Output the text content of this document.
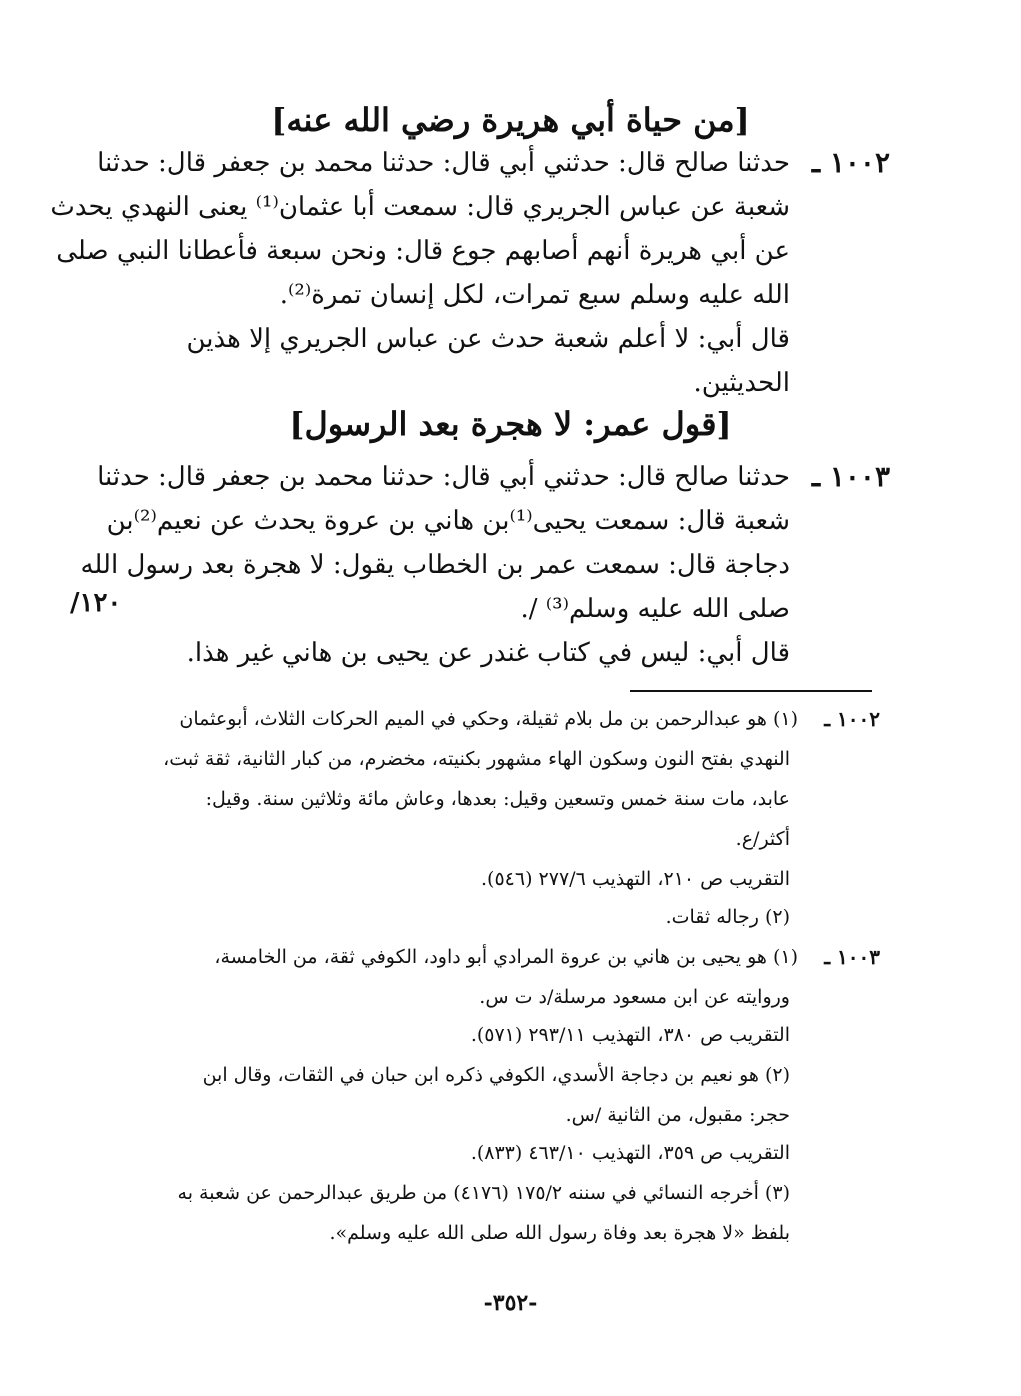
[من حياة أبي هريرة رضي الله عنه]
١٠٠٢ ـ
حدثنا صالح قال: حدثني أبي قال: حدثنا محمد بن جعفر قال: حدثنا
شعبة عن عباس الجريري قال: سمعت أبا عثمان⁽¹⁾ يعنى النهدي يحدث
عن أبي هريرة أنهم أصابهم جوع قال: ونحن سبعة فأعطانا النبي صلى
الله عليه وسلم سبع تمرات، لكل إنسان تمرة⁽²⁾.
قال أبي: لا أعلم شعبة حدث عن عباس الجريري إلا هذين
الحديثين.
[قول عمر: لا هجرة بعد الرسول]
١٠٠٣ ـ
حدثنا صالح قال: حدثني أبي قال: حدثنا محمد بن جعفر قال: حدثنا
شعبة قال: سمعت يحيى⁽¹⁾بن هاني بن عروة يحدث عن نعيم⁽²⁾بن
دجاجة قال: سمعت عمر بن الخطاب يقول: لا هجرة بعد رسول الله
صلى الله عليه وسلم⁽³⁾ /.
قال أبي: ليس في كتاب غندر عن يحيى بن هاني غير هذا.
١٢٠/
١٠٠٢ ـ
(١) هو عبدالرحمن بن مل بلام ثقيلة، وحكي في الميم الحركات الثلاث، أبوعثمان
النهدي بفتح النون وسكون الهاء مشهور بكنيته، مخضرم، من كبار الثانية، ثقة ثبت،
عابد، مات سنة خمس وتسعين وقيل: بعدها، وعاش مائة وثلاثين سنة. وقيل:
أكثر/ع.
التقريب ص ٢١٠، التهذيب ٢٧٧/٦ (٥٤٦).
(٢) رجاله ثقات.
١٠٠٣ ـ
(١) هو يحيى بن هاني بن عروة المرادي أبو داود، الكوفي ثقة، من الخامسة،
وروايته عن ابن مسعود مرسلة/د ت س.
التقريب ص ٣٨٠، التهذيب ٢٩٣/١١ (٥٧١).
(٢) هو نعيم بن دجاجة الأسدي، الكوفي ذكره ابن حبان في الثقات، وقال ابن
حجر: مقبول، من الثانية /س.
التقريب ص ٣٥٩، التهذيب ٤٦٣/١٠ (٨٣٣).
(٣) أخرجه النسائي في سننه ١٧٥/٢ (٤١٧٦) من طريق عبدالرحمن عن شعبة به
بلفظ «لا هجرة بعد وفاة رسول الله صلى الله عليه وسلم».
-٣٥٢-
